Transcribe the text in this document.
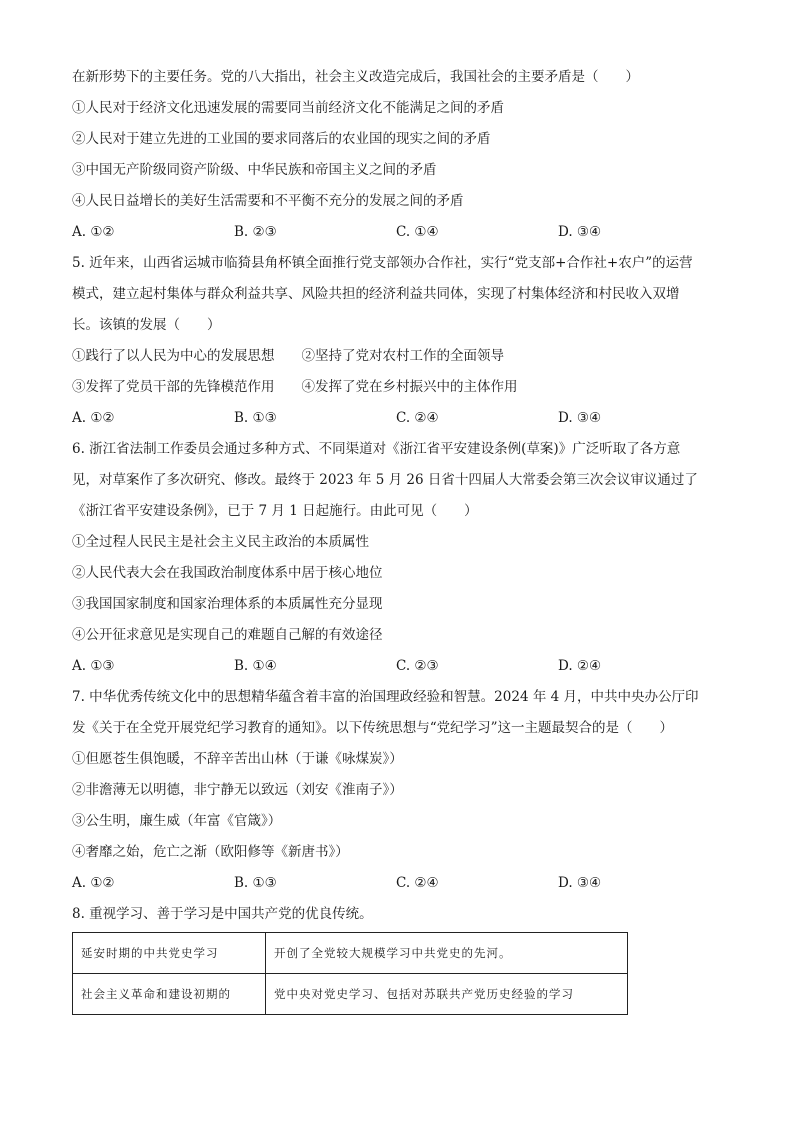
在新形势下的主要任务。党的八大指出，社会主义改造完成后，我国社会的主要矛盾是（　　）
①人民对于经济文化迅速发展的需要同当前经济文化不能满足之间的矛盾
②人民对于建立先进的工业国的要求同落后的农业国的现实之间的矛盾
③中国无产阶级同资产阶级、中华民族和帝国主义之间的矛盾
④人民日益增长的美好生活需要和不平衡不充分的发展之间的矛盾
A. ①②	B. ②③	C. ①④	D. ③④
5. 近年来，山西省运城市临猗县角杯镇全面推行党支部领办合作社，实行“党支部+合作社+农户”的运营
模式，建立起村集体与群众利益共享、风险共担的经济利益共同体，实现了村集体经济和村民收入双增
长。该镇的发展（　　）
①践行了以人民为中心的发展思想　　②坚持了党对农村工作的全面领导
③发挥了党员干部的先锋模范作用　　④发挥了党在乡村振兴中的主体作用
A. ①②	B. ①③	C. ②④	D. ③④
6. 浙江省法制工作委员会通过多种方式、不同渠道对《浙江省平安建设条例(草案)》广泛听取了各方意
见，对草案作了多次研究、修改。最终于 2023 年 5 月 26 日省十四届人大常委会第三次会议审议通过了
《浙江省平安建设条例》，已于 7 月 1 日起施行。由此可见（　　）
①全过程人民民主是社会主义民主政治的本质属性
②人民代表大会在我国政治制度体系中居于核心地位
③我国国家制度和国家治理体系的本质属性充分显现
④公开征求意见是实现自己的难题自己解的有效途径
A. ①③	B. ①④	C. ②③	D. ②④
7. 中华优秀传统文化中的思想精华蕴含着丰富的治国理政经验和智慧。2024 年 4 月，中共中央办公厅印
发《关于在全党开展党纪学习教育的通知》。以下传统思想与“党纪学习”这一主题最契合的是（　　）
①但愿苍生俱饱暖，不辞辛苦出山林（于谦《咏煤炭》）
②非澹薄无以明德，非宁静无以致远（刘安《淮南子》）
③公生明，廉生威（年富《官箴》）
④奢靡之始，危亡之渐（欧阳修等《新唐书》）
A. ①②	B. ①③	C. ②④	D. ③④
8. 重视学习、善于学习是中国共产党的优良传统。
延安时期的中共党史学习	开创了全党较大规模学习中共党史的先河。
社会主义革命和建设初期的	党中央对党史学习、包括对苏联共产党历史经验的学习
